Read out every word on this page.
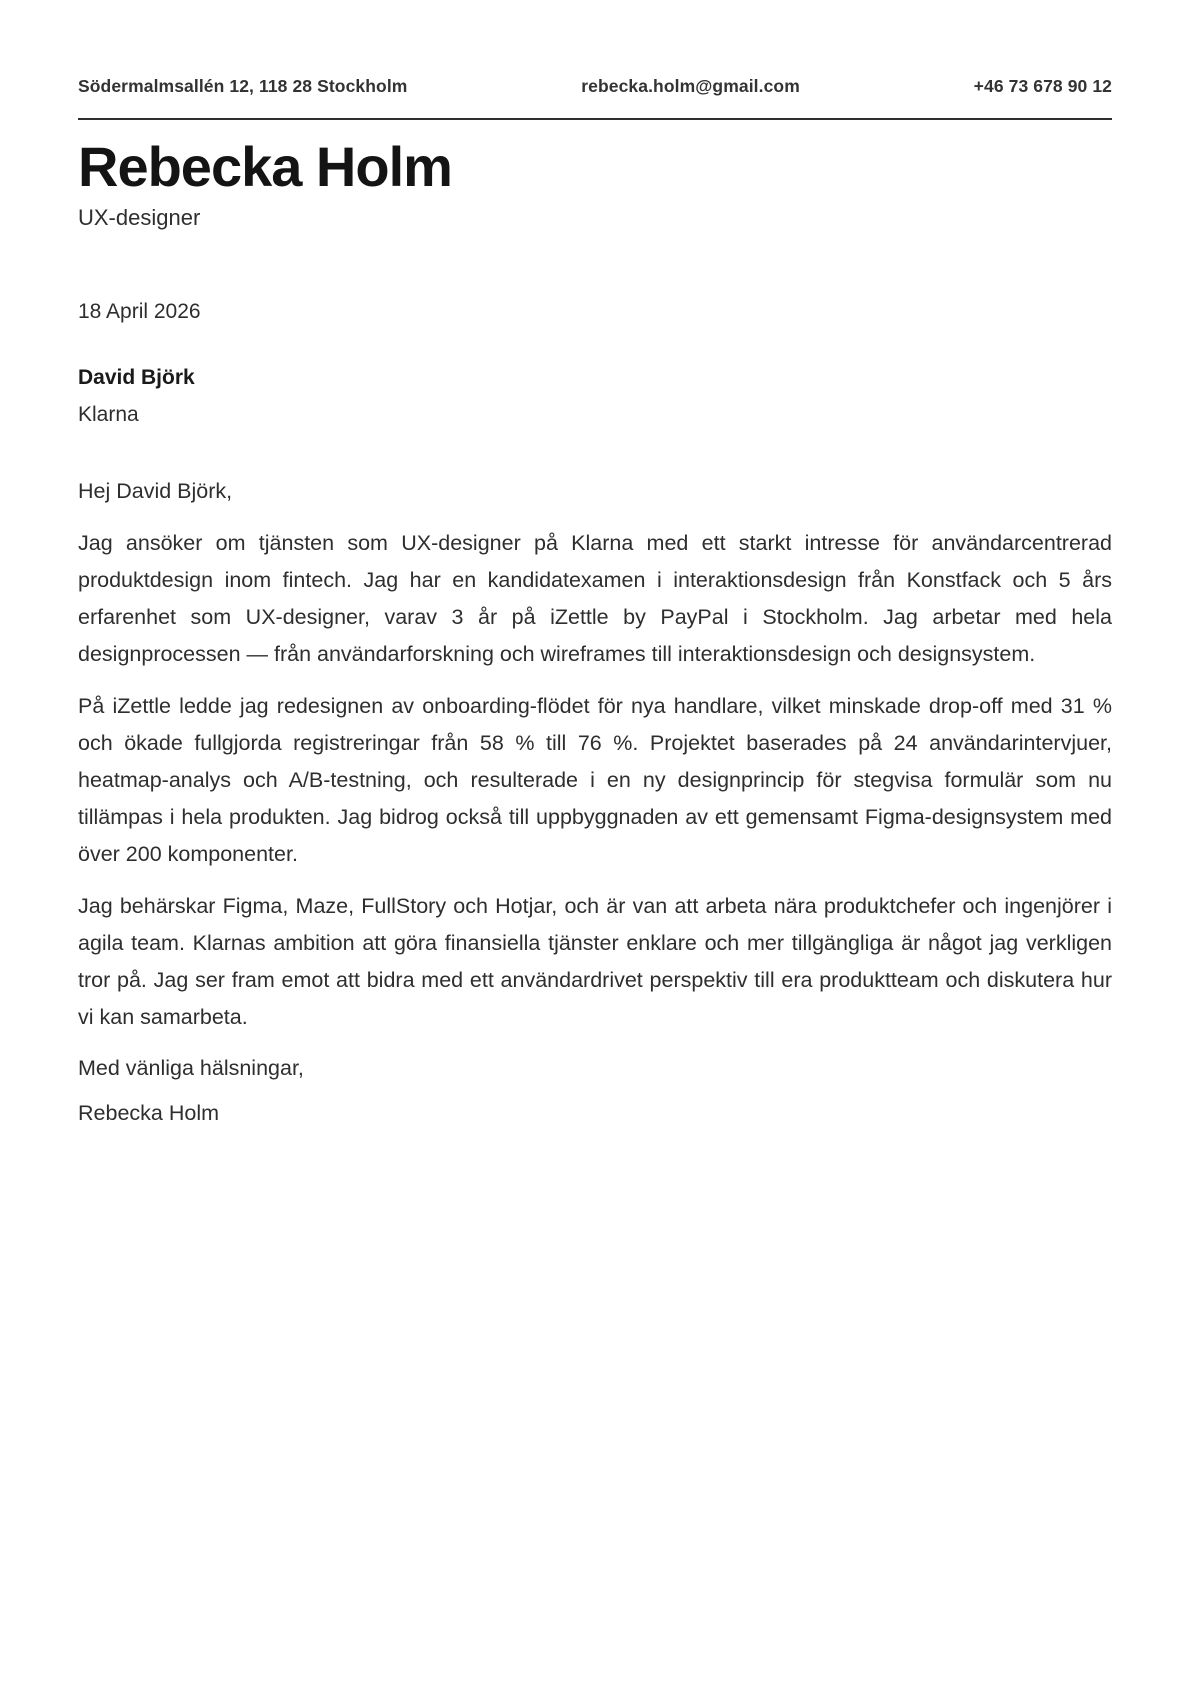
Södermalmsallén 12, 118 28 Stockholm	rebecka.holm@gmail.com	+46 73 678 90 12
Rebecka Holm
UX-designer

18 April 2026

David Björk

Klarna

Hej David Björk,

Jag ansöker om tjänsten som UX-designer på Klarna med ett starkt intresse för användarcentrerad produktdesign inom fintech. Jag har en kandidatexamen i interaktionsdesign från Konstfack och 5 års erfarenhet som UX-designer, varav 3 år på iZettle by PayPal i Stockholm. Jag arbetar med hela designprocessen — från användarforskning och wireframes till interaktionsdesign och designsystem.

På iZettle ledde jag redesignen av onboarding-flödet för nya handlare, vilket minskade drop-off med 31 % och ökade fullgjorda registreringar från 58 % till 76 %. Projektet baserades på 24 användarintervjuer, heatmap-analys och A/B-testning, och resulterade i en ny designprincip för stegvisa formulär som nu tillämpas i hela produkten. Jag bidrog också till uppbyggnaden av ett gemensamt Figma-designsystem med över 200 komponenter.

Jag behärskar Figma, Maze, FullStory och Hotjar, och är van att arbeta nära produktchefer och ingenjörer i agila team. Klarnas ambition att göra finansiella tjänster enklare och mer tillgängliga är något jag verkligen tror på. Jag ser fram emot att bidra med ett användardrivet perspektiv till era produktteam och diskutera hur vi kan samarbeta.

Med vänliga hälsningar,

Rebecka Holm
